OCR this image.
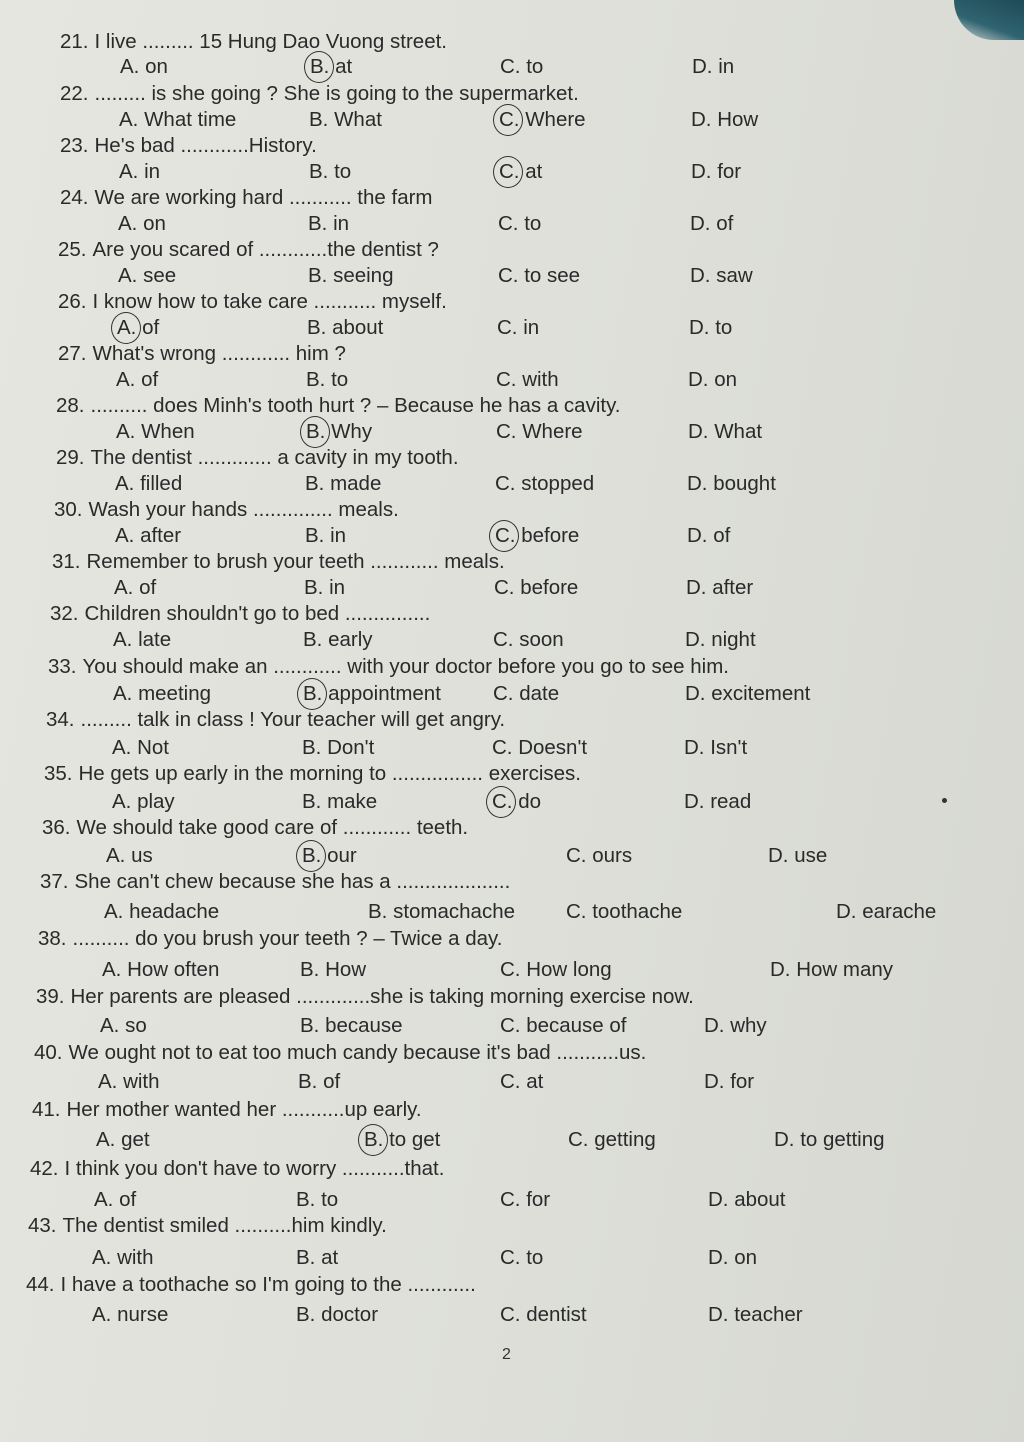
21. I live ......... 15 Hung Dao Vuong street.
A. on	B. at	C. to	D. in
22. ......... is she going ? She is going to the supermarket.
A. What time	B. What	C. Where	D. How
23. He's bad ............History.
A. in	B. to	C. at	D. for
24. We are working hard ........... the farm
A. on	B. in	C. to	D. of
25. Are you scared of ............the dentist ?
A. see	B. seeing	C. to see	D. saw
26. I know how to take care ........... myself.
A. of	B. about	C. in	D. to
27. What's wrong ............ him ?
A. of	B. to	C. with	D. on
28. .......... does Minh's tooth hurt ? – Because he has a cavity.
A. When	B. Why	C. Where	D. What
29. The dentist ............. a cavity in my tooth.
A. filled	B. made	C. stopped	D. bought
30. Wash your hands .............. meals.
A. after	B. in	C. before	D. of
31. Remember to brush your teeth ............ meals.
A. of	B. in	C. before	D. after
32. Children shouldn't go to bed ...............
A. late	B. early	C. soon	D. night
33. You should make an ............ with your doctor before you go to see him.
A. meeting	B. appointment	C. date	D. excitement
34. ......... talk in class ! Your teacher will get angry.
A. Not	B. Don't	C. Doesn't	D. Isn't
35. He gets up early in the morning to ................ exercises.
A. play	B. make	C. do	D. read
36. We should take good care of ............ teeth.
A. us	B. our	C. ours	D. use
37. She can't chew because she has a ....................
A. headache	B. stomachache C. toothache	D. earache
38. .......... do you brush your teeth ? – Twice a day.
A. How often	B. How	C. How long	D. How many
39. Her parents are pleased .............she is taking morning exercise now.
A. so	B. because	C. because of	D. why
40. We ought not to eat too much candy because it's bad ...........us.
A. with	B. of	C. at	D. for
41. Her mother wanted her ...........up early.
A. get	B. to get	C. getting	D. to getting
42. I think you don't have to worry ...........that.
A. of	B. to	C. for	D. about
43. The dentist smiled ..........him kindly.
A. with	B. at	C. to	D. on
44. I have a toothache so I'm going to the ............
A. nurse	B. doctor	C. dentist	D. teacher
2
